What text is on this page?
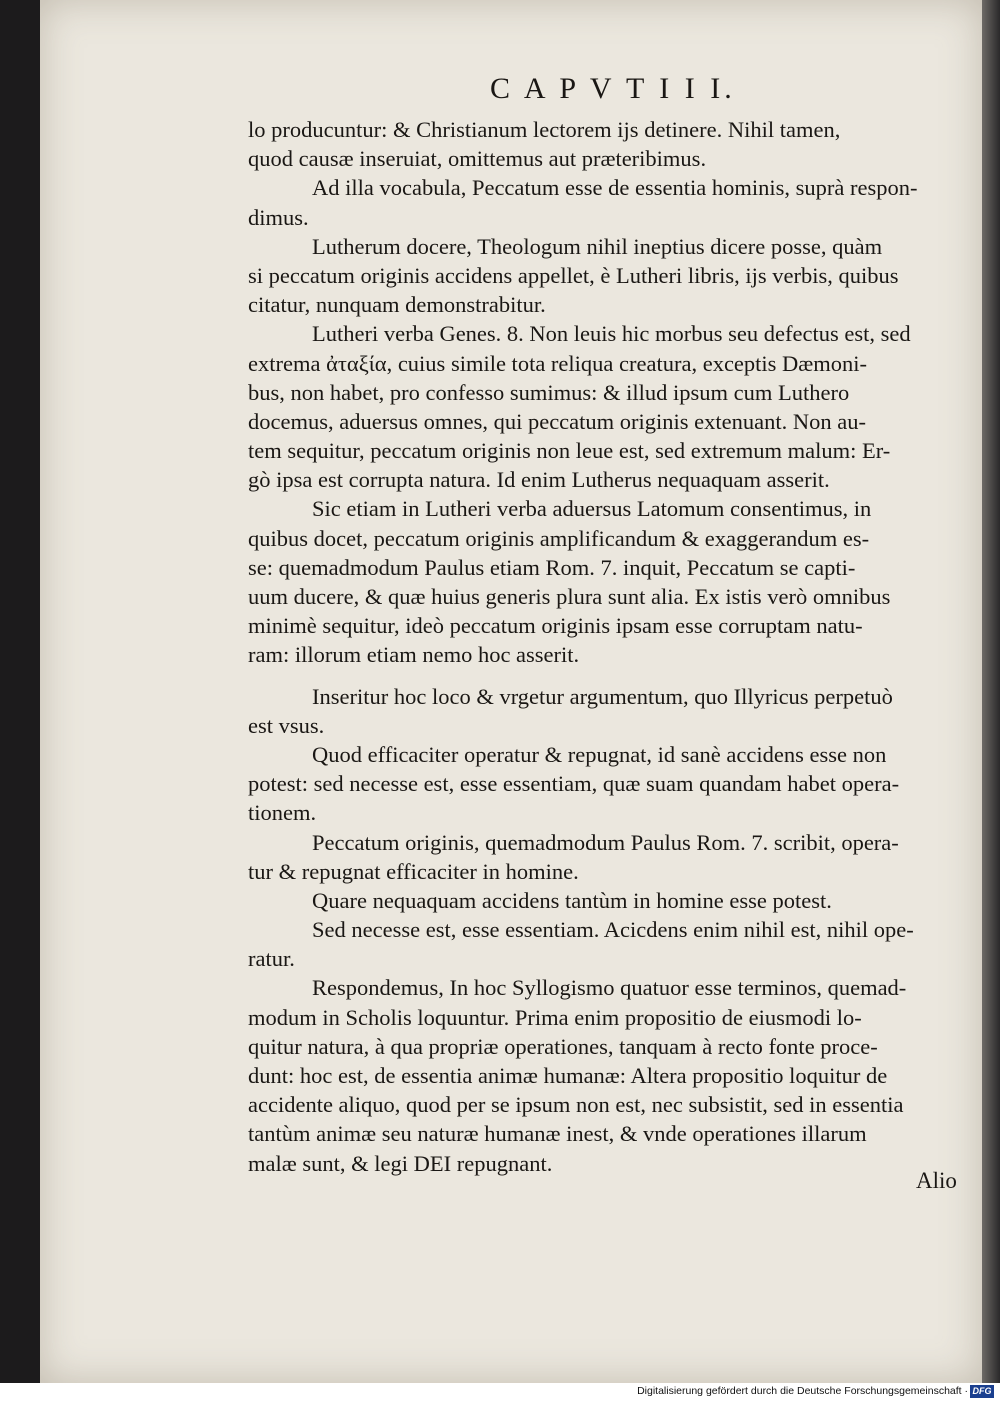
C A P V T I I I.
lo producuntur: & Christianum lectorem ijs detinere. Nihil tamen,
quod causæ inseruiat, omittemus aut præteribimus.
Ad illa vocabula, Peccatum esse de essentia hominis, suprà respon-
dimus.
Lutherum docere, Theologum nihil ineptius dicere posse, quàm
si peccatum originis accidens appellet, è Lutheri libris, ijs verbis, quibus
citatur, nunquam demonstrabitur.
Lutheri verba Genes. 8. Non leuis hic morbus seu defectus est, sed
extrema ἀταξία, cuius simile tota reliqua creatura, exceptis Dæmoni-
bus, non habet, pro confesso sumimus: & illud ipsum cum Luthero
docemus, aduersus omnes, qui peccatum originis extenuant. Non au-
tem sequitur, peccatum originis non leue est, sed extremum malum: Er-
gò ipsa est corrupta natura. Id enim Lutherus nequaquam asserit.
Sic etiam in Lutheri verba aduersus Latomum consentimus, in
quibus docet, peccatum originis amplificandum & exaggerandum es-
se: quemadmodum Paulus etiam Rom. 7. inquit, Peccatum se capti-
uum ducere, & quæ huius generis plura sunt alia. Ex istis verò omnibus
minimè sequitur, ideò peccatum originis ipsam esse corruptam natu-
ram: illorum etiam nemo hoc asserit.
Inseritur hoc loco & vrgetur argumentum, quo Illyricus perpetuò
est vsus.
Quod efficaciter operatur & repugnat, id sanè accidens esse non
potest: sed necesse est, esse essentiam, quæ suam quandam habet opera-
tionem.
Peccatum originis, quemadmodum Paulus Rom. 7. scribit, opera-
tur & repugnat efficaciter in homine.
Quare nequaquam accidens tantùm in homine esse potest.
Sed necesse est, esse essentiam. Acicdens enim nihil est, nihil ope-
ratur.
Respondemus, In hoc Syllogismo quatuor esse terminos, quemad-
modum in Scholis loquuntur. Prima enim propositio de eiusmodi lo-
quitur natura, à qua propriæ operationes, tanquam à recto fonte proce-
dunt: hoc est, de essentia animæ humanæ: Altera propositio loquitur de
accidente aliquo, quod per se ipsum non est, nec subsistit, sed in essentia
tantùm animæ seu naturæ humanæ inest, & vnde operationes illarum
malæ sunt, & legi DEI repugnant.
Alio
Digitalisierung gefördert durch die Deutsche Forschungsgemeinschaft · DFG
